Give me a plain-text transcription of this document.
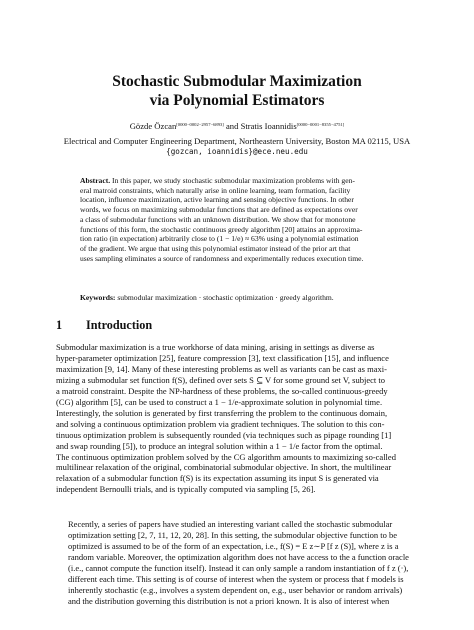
Stochastic Submodular Maximization
via Polynomial Estimators
Gözde Özcan[0000−0002−2957−6893] and Stratis Ioannidis[0000−0001−8355−4751]
Electrical and Computer Engineering Department, Northeastern University, Boston MA 02115, USA
{gozcan, ioannidis}@ece.neu.edu
Abstract. In this paper, we study stochastic submodular maximization problems with gen-
eral matroid constraints, which naturally arise in online learning, team formation, facility
location, influence maximization, active learning and sensing objective functions. In other
words, we focus on maximizing submodular functions that are defined as expectations over
a class of submodular functions with an unknown distribution. We show that for monotone
functions of this form, the stochastic continuous greedy algorithm [20] attains an approxima-
tion ratio (in expectation) arbitrarily close to (1 − 1/e) ≈ 63% using a polynomial estimation
of the gradient. We argue that using this polynomial estimator instead of the prior art that
uses sampling eliminates a source of randomness and experimentally reduces execution time.
Keywords: submodular maximization · stochastic optimization · greedy algorithm.
1 Introduction
Submodular maximization is a true workhorse of data mining, arising in settings as diverse as
hyper-parameter optimization [25], feature compression [3], text classification [15], and influence
maximization [9, 14]. Many of these interesting problems as well as variants can be cast as maxi-
mizing a submodular set function f(S), defined over sets S ⊆ V for some ground set V, subject to
a matroid constraint. Despite the NP-hardness of these problems, the so-called continuous-greedy
(CG) algorithm [5], can be used to construct a 1 − 1/e-approximate solution in polynomial time.
Interestingly, the solution is generated by first transferring the problem to the continuous domain,
and solving a continuous optimization problem via gradient techniques. The solution to this con-
tinuous optimization problem is subsequently rounded (via techniques such as pipage rounding [1]
and swap rounding [5]), to produce an integral solution within a 1 − 1/e factor from the optimal.
The continuous optimization problem solved by the CG algorithm amounts to maximizing so-called
multilinear relaxation of the original, combinatorial submodular objective. In short, the multilinear
relaxation of a submodular function f(S) is its expectation assuming its input S is generated via
independent Bernoulli trials, and is typically computed via sampling [5, 26].
Recently, a series of papers have studied an interesting variant called the stochastic submodular
optimization setting [2, 7, 11, 12, 20, 28]. In this setting, the submodular objective function to be
optimized is assumed to be of the form of an expectation, i.e., f(S) = E z∼P [f z (S)], where z is a
random variable. Moreover, the optimization algorithm does not have access to the a function oracle
(i.e., cannot compute the function itself). Instead it can only sample a random instantiation of f z (·),
different each time. This setting is of course of interest when the system or process that f models is
inherently stochastic (e.g., involves a system dependent on, e.g., user behavior or random arrivals)
and the distribution governing this distribution is not a priori known. It is also of interest when
